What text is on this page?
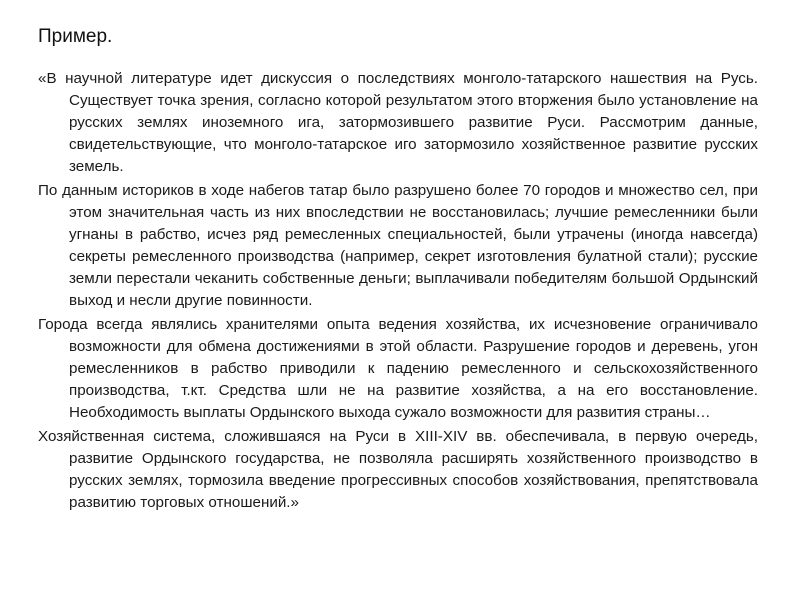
Пример.

«В научной литературе идет дискуссия о последствиях монголо-татарского нашествия на Русь. Существует точка зрения, согласно которой результатом этого вторжения было установление на русских землях иноземного ига, затормозившего развитие Руси. Рассмотрим данные, свидетельствующие, что монголо-татарское иго затормозило хозяйственное развитие русских земель.

По данным историков в ходе набегов татар было разрушено более 70 городов и множество сел, при этом значительная часть из них впоследствии не восстановилась; лучшие ремесленники были угнаны в рабство, исчез ряд ремесленных специальностей, были утрачены (иногда навсегда) секреты ремесленного производства (например, секрет изготовления булатной стали); русские земли перестали чеканить собственные деньги; выплачивали победителям большой Ордынский выход и несли другие повинности.

Города всегда являлись хранителями опыта ведения хозяйства, их исчезновение ограничивало возможности для обмена достижениями в этой области. Разрушение городов и деревень, угон ремесленников в рабство приводили к падению ремесленного и сельскохозяйственного производства, т.кт. Средства шли не на развитие хозяйства, а на его восстановление. Необходимость выплаты Ордынского выхода сужало возможности для развития страны…

Хозяйственная система, сложившаяся на Руси в XIII-XIV вв. обеспечивала, в первую очередь, развитие Ордынского государства, не позволяла расширять хозяйственного производство в русских землях, тормозила введение прогрессивных способов хозяйствования, препятствовала развитию торговых отношений.»
